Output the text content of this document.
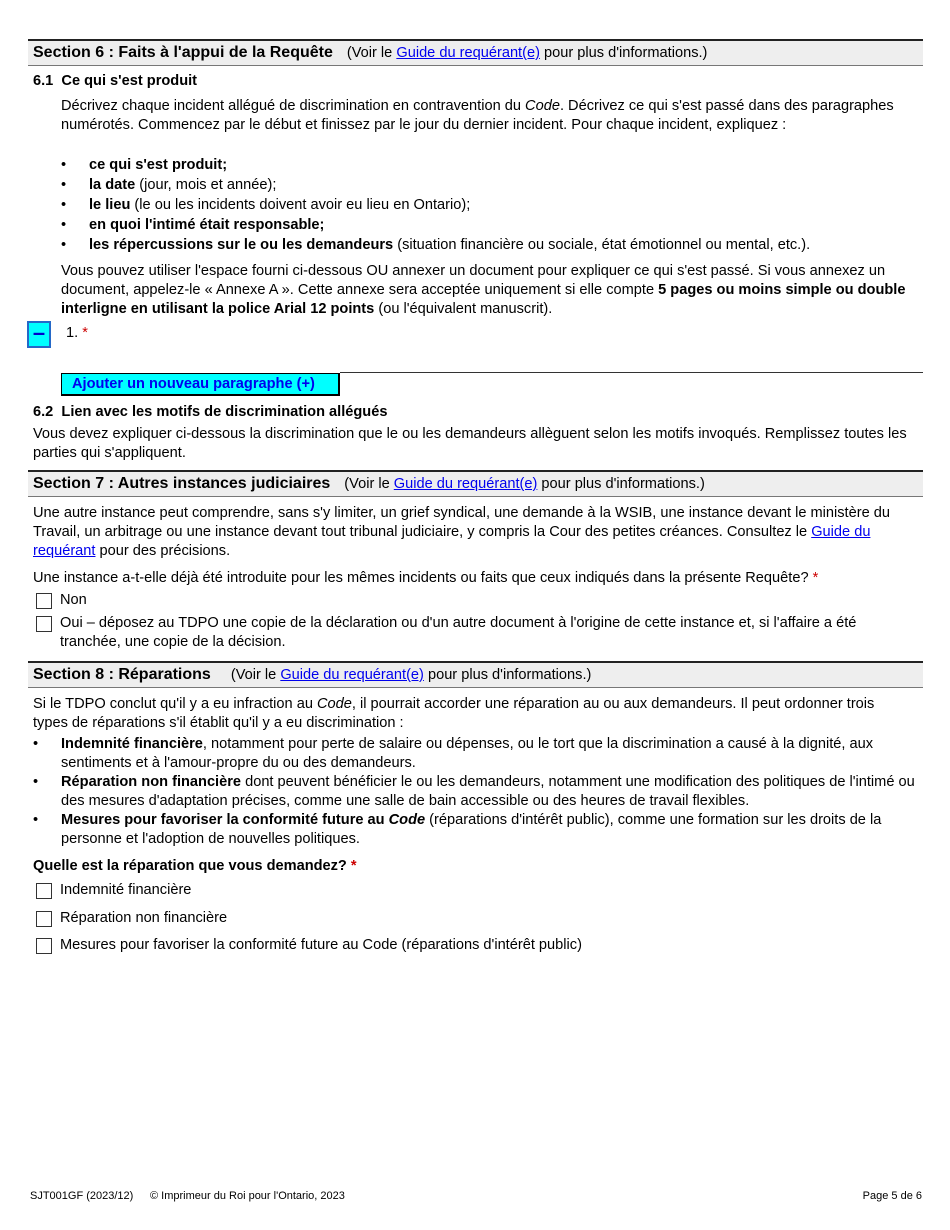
Section 6 : Faits à l'appui de la Requête (Voir le Guide du requérant(e) pour plus d'informations.)
6.1 Ce qui s'est produit
Décrivez chaque incident allégué de discrimination en contravention du Code. Décrivez ce qui s'est passé dans des paragraphes numérotés. Commencez par le début et finissez par le jour du dernier incident. Pour chaque incident, expliquez :
• ce qui s'est produit;
• la date (jour, mois et année);
• le lieu (le ou les incidents doivent avoir eu lieu en Ontario);
• en quoi l'intimé était responsable;
• les répercussions sur le ou les demandeurs (situation financière ou sociale, état émotionnel ou mental, etc.).
Vous pouvez utiliser l'espace fourni ci-dessous OU annexer un document pour expliquer ce qui s'est passé. Si vous annexez un document, appelez-le « Annexe A ». Cette annexe sera acceptée uniquement si elle compte 5 pages ou moins simple ou double interligne en utilisant la police Arial 12 points (ou l'équivalent manuscrit).
–	1. *
Ajouter un nouveau paragraphe (+)
6.2 Lien avec les motifs de discrimination allégués
Vous devez expliquer ci-dessous la discrimination que le ou les demandeurs allèguent selon les motifs invoqués. Remplissez toutes les parties qui s'appliquent.
Section 7 : Autres instances judiciaires (Voir le Guide du requérant(e) pour plus d'informations.)
Une autre instance peut comprendre, sans s'y limiter, un grief syndical, une demande à la WSIB, une instance devant le ministère du Travail, un arbitrage ou une instance devant tout tribunal judiciaire, y compris la Cour des petites créances. Consultez le Guide du requérant pour des précisions.
Une instance a-t-elle déjà été introduite pour les mêmes incidents ou faits que ceux indiqués dans la présente Requête? *
Non
Oui – déposez au TDPO une copie de la déclaration ou d'un autre document à l'origine de cette instance et, si l'affaire a été tranchée, une copie de la décision.
Section 8 : Réparations (Voir le Guide du requérant(e) pour plus d'informations.)
Si le TDPO conclut qu'il y a eu infraction au Code, il pourrait accorder une réparation au ou aux demandeurs. Il peut ordonner trois types de réparations s'il établit qu'il y a eu discrimination :
• Indemnité financière, notamment pour perte de salaire ou dépenses, ou le tort que la discrimination a causé à la dignité, aux sentiments et à l'amour-propre du ou des demandeurs.
• Réparation non financière dont peuvent bénéficier le ou les demandeurs, notamment une modification des politiques de l'intimé ou des mesures d'adaptation précises, comme une salle de bain accessible ou des heures de travail flexibles.
• Mesures pour favoriser la conformité future au Code (réparations d'intérêt public), comme une formation sur les droits de la personne et l'adoption de nouvelles politiques.
Quelle est la réparation que vous demandez? *
Indemnité financière
Réparation non financière
Mesures pour favoriser la conformité future au Code (réparations d'intérêt public)
SJT001GF (2023/12) © Imprimeur du Roi pour l'Ontario, 2023	Page 5 de 6
